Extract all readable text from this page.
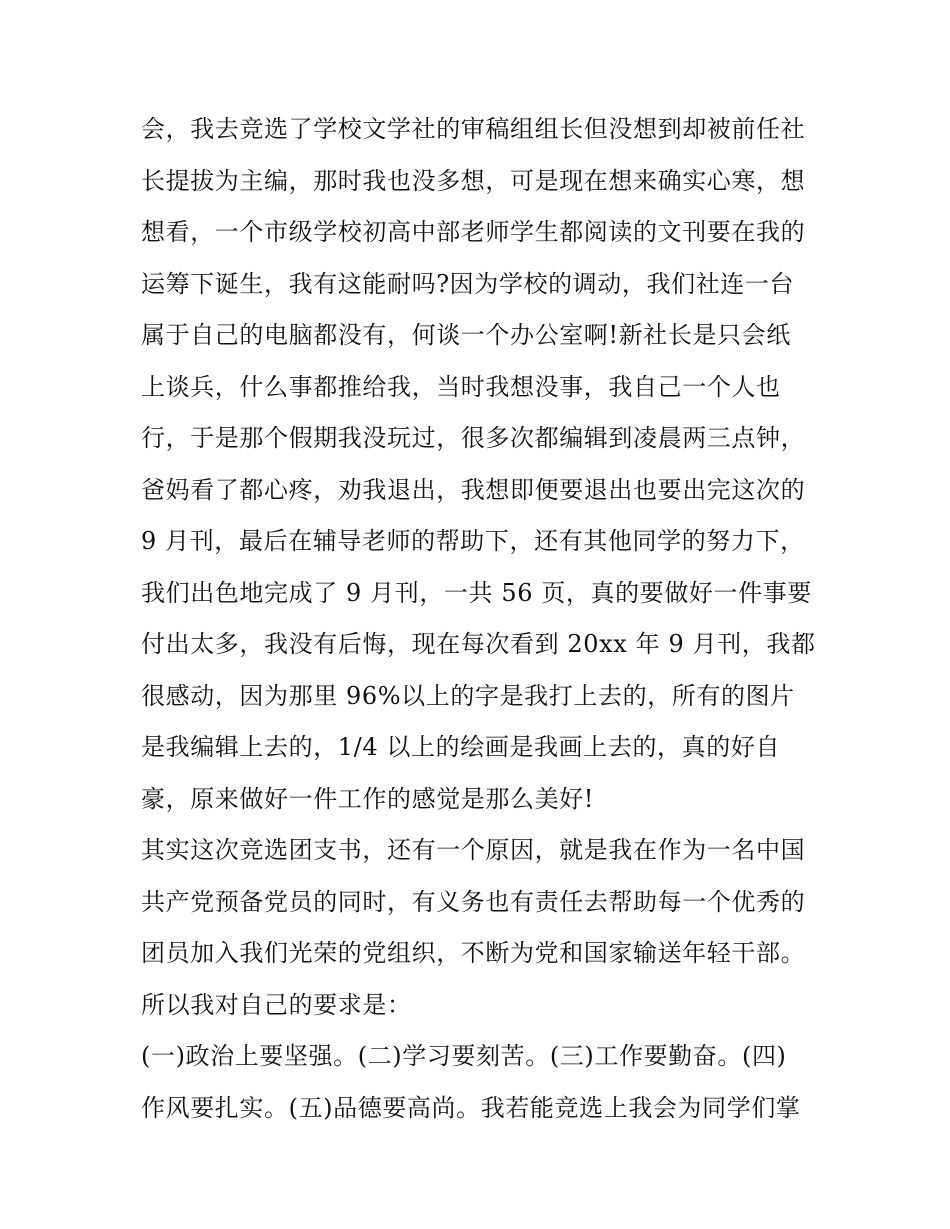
会，我去竞选了学校文学社的审稿组组长但没想到却被前任社
长提拔为主编，那时我也没多想，可是现在想来确实心寒，想
想看，一个市级学校初高中部老师学生都阅读的文刊要在我的
运筹下诞生，我有这能耐吗?因为学校的调动，我们社连一台
属于自己的电脑都没有，何谈一个办公室啊!新社长是只会纸
上谈兵，什么事都推给我，当时我想没事，我自己一个人也
行，于是那个假期我没玩过，很多次都编辑到凌晨两三点钟，
爸妈看了都心疼，劝我退出，我想即便要退出也要出完这次的
9 月刊，最后在辅导老师的帮助下，还有其他同学的努力下，
我们出色地完成了 9 月刊，一共 56 页，真的要做好一件事要
付出太多，我没有后悔，现在每次看到 20xx 年 9 月刊，我都
很感动，因为那里 96%以上的字是我打上去的，所有的图片
是我编辑上去的，1/4 以上的绘画是我画上去的，真的好自
豪，原来做好一件工作的感觉是那么美好!
其实这次竞选团支书，还有一个原因，就是我在作为一名中国
共产党预备党员的同时，有义务也有责任去帮助每一个优秀的
团员加入我们光荣的党组织，不断为党和国家输送年轻干部。
所以我对自己的要求是：
(一)政治上要坚强。(二)学习要刻苦。(三)工作要勤奋。(四)
作风要扎实。(五)品德要高尚。我若能竞选上我会为同学们掌
